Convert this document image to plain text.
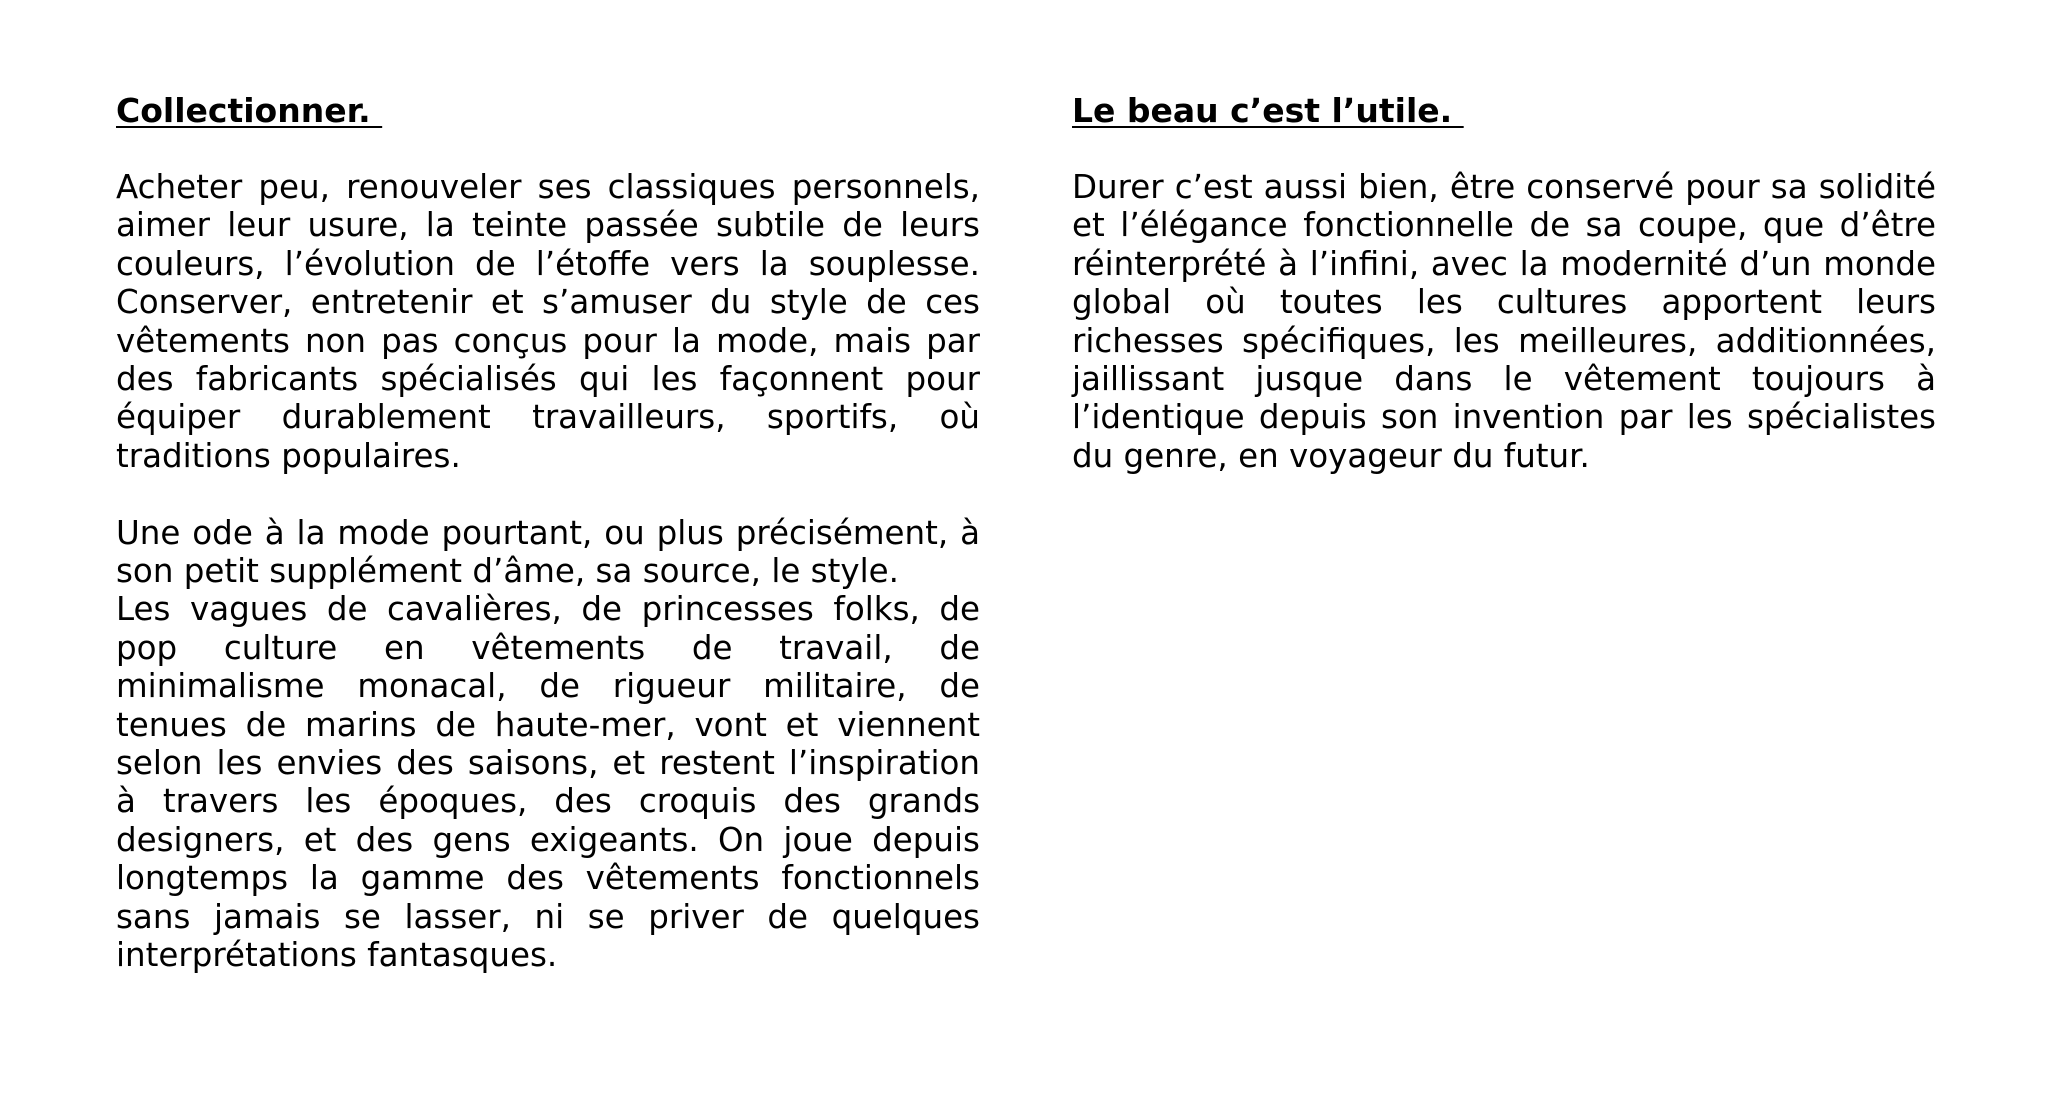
Collectionner.

Acheter peu, renouveler ses classiques personnels, aimer leur usure, la teinte passée subtile de leurs couleurs, l’évolution de l’étoffe vers la souplesse. Conserver, entretenir et s’amuser du style de ces vêtements non pas conçus pour la mode, mais par des fabricants spécialisés qui les façonnent pour équiper durablement travailleurs, sportifs, où traditions populaires.

Une ode à la mode pourtant, ou plus précisément, à son petit supplément d’âme, sa source, le style.

Les vagues de cavalières, de princesses folks, de pop culture en vêtements de travail, de minimalisme monacal, de rigueur militaire, de tenues de marins de haute-mer, vont et viennent selon les envies des saisons, et restent l’inspiration à travers les époques, des croquis des grands designers, et des gens exigeants. On joue depuis longtemps la gamme des vêtements fonctionnels sans jamais se lasser, ni se priver de quelques interprétations fantasques.

Le beau c’est l’utile.

Durer c’est aussi bien, être conservé pour sa solidité et l’élégance fonctionnelle de sa coupe, que d’être réinterprété à l’infini, avec la modernité d’un monde global où toutes les cultures apportent leurs richesses spécifiques, les meilleures, additionnées, jaillissant jusque dans le vêtement toujours à l’identique depuis son invention par les spécialistes du genre, en voyageur du futur.
